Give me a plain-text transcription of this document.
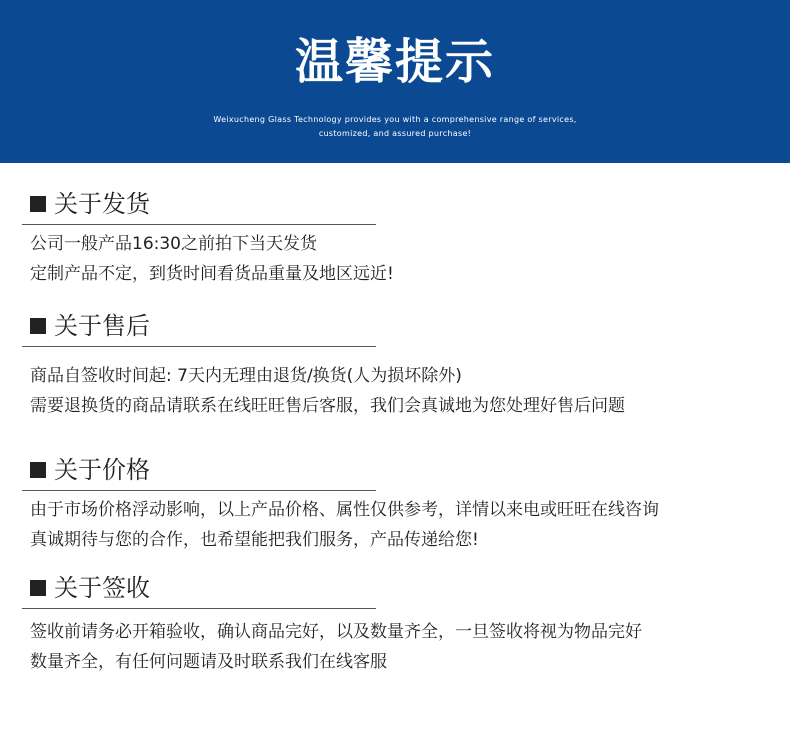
温馨提示
Weixucheng Glass Technology provides you with a comprehensive range of services,
customized, and assured purchase!
关于发货
公司一般产品16:30之前拍下当天发货
定制产品不定，到货时间看货品重量及地区远近!
关于售后
商品自签收时间起: 7天内无理由退货/换货(人为损坏除外)
需要退换货的商品请联系在线旺旺售后客服，我们会真诚地为您处理好售后问题
关于价格
由于市场价格浮动影响，以上产品价格、属性仅供参考，详情以来电或旺旺在线咨询
真诚期待与您的合作，也希望能把我们服务，产品传递给您!
关于签收
签收前请务必开箱验收，确认商品完好，以及数量齐全，一旦签收将视为物品完好
数量齐全，有任何问题请及时联系我们在线客服
